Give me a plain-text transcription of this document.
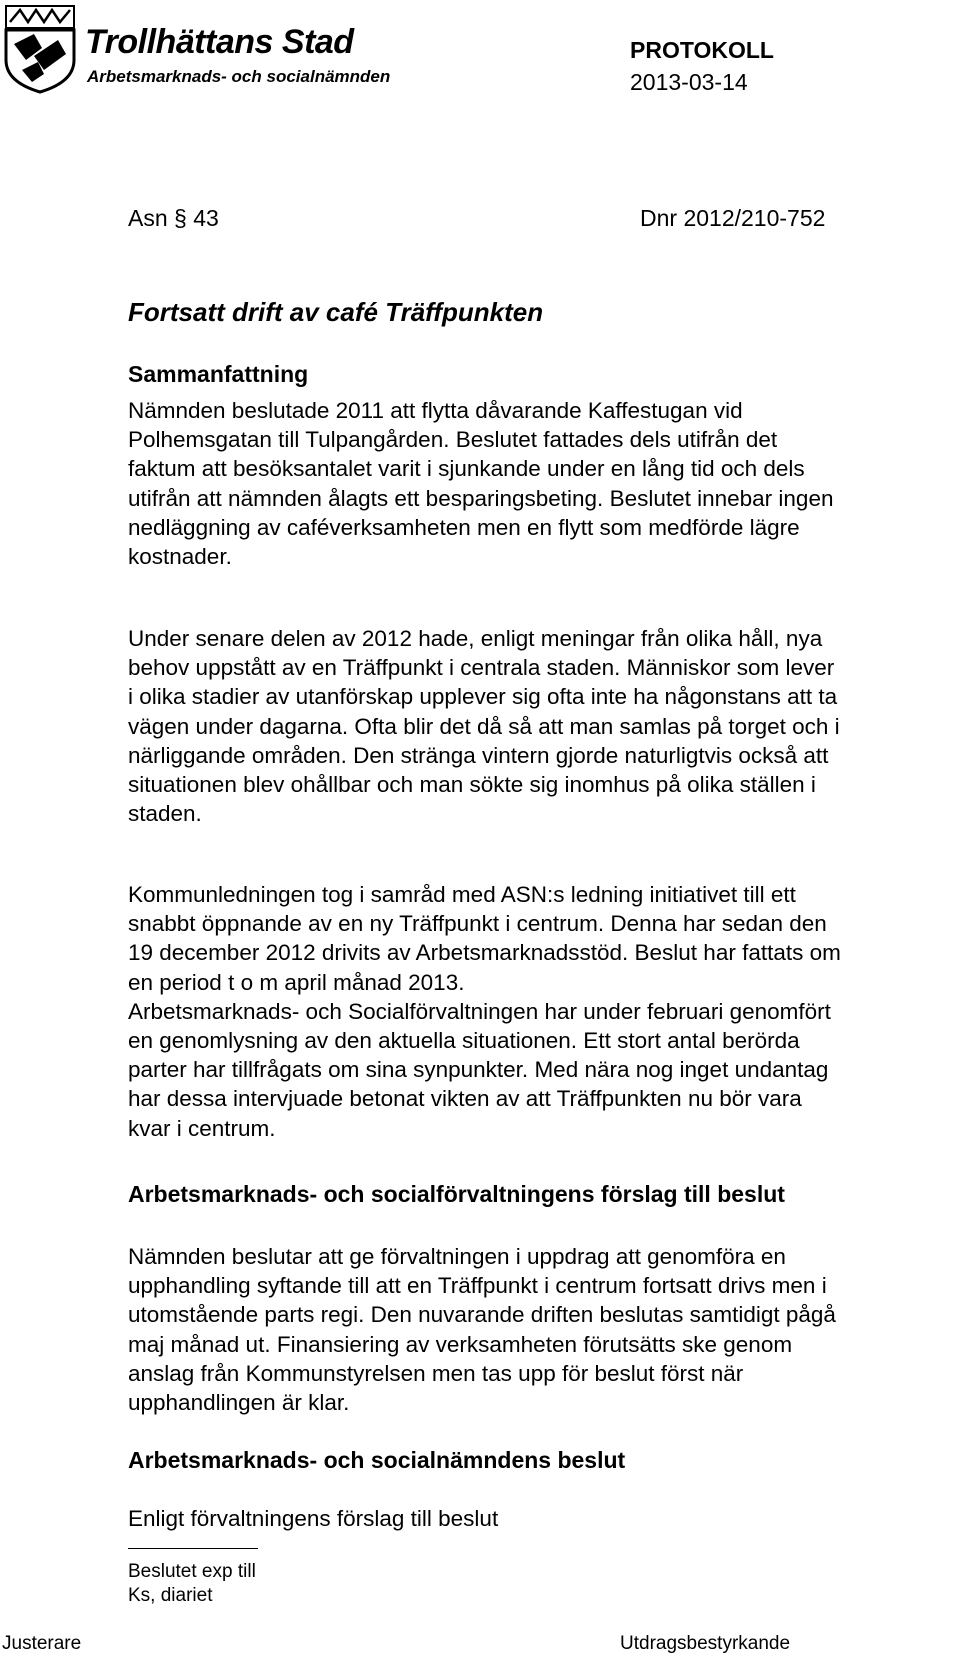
Trollhättans Stad
Arbetsmarknads- och socialnämnden
PROTOKOLL
2013-03-14
Asn § 43	Dnr 2012/210-752
Fortsatt drift av café Träffpunkten
Sammanfattning
Nämnden beslutade 2011 att flytta dåvarande Kaffestugan vid
Polhemsgatan till Tulpangården. Beslutet fattades dels utifrån det
faktum att besöksantalet varit i sjunkande under en lång tid och dels
utifrån att nämnden ålagts ett besparingsbeting. Beslutet innebar ingen
nedläggning av caféverksamheten men en flytt som medförde lägre
kostnader.
Under senare delen av 2012 hade, enligt meningar från olika håll, nya
behov uppstått av en Träffpunkt i centrala staden. Människor som lever
i olika stadier av utanförskap upplever sig ofta inte ha någonstans att ta
vägen under dagarna. Ofta blir det då så att man samlas på torget och i
närliggande områden. Den stränga vintern gjorde naturligtvis också att
situationen blev ohållbar och man sökte sig inomhus på olika ställen i
staden.
Kommunledningen tog i samråd med ASN:s ledning initiativet till ett
snabbt öppnande av en ny Träffpunkt i centrum. Denna har sedan den
19 december 2012 drivits av Arbetsmarknadsstöd. Beslut har fattats om
en period t o m april månad 2013.
Arbetsmarknads- och Socialförvaltningen har under februari genomfört
en genomlysning av den aktuella situationen. Ett stort antal berörda
parter har tillfrågats om sina synpunkter. Med nära nog inget undantag
har dessa intervjuade betonat vikten av att Träffpunkten nu bör vara
kvar i centrum.
Arbetsmarknads- och socialförvaltningens förslag till beslut
Nämnden beslutar att ge förvaltningen i uppdrag att genomföra en
upphandling syftande till att en Träffpunkt i centrum fortsatt drivs men i
utomstående parts regi. Den nuvarande driften beslutas samtidigt pågå
maj månad ut. Finansiering av verksamheten förutsätts ske genom
anslag från Kommunstyrelsen men tas upp för beslut först när
upphandlingen är klar.
Arbetsmarknads- och socialnämndens beslut
Enligt förvaltningens förslag till beslut
Beslutet exp till
Ks, diariet
Justerare	Utdragsbestyrkande
